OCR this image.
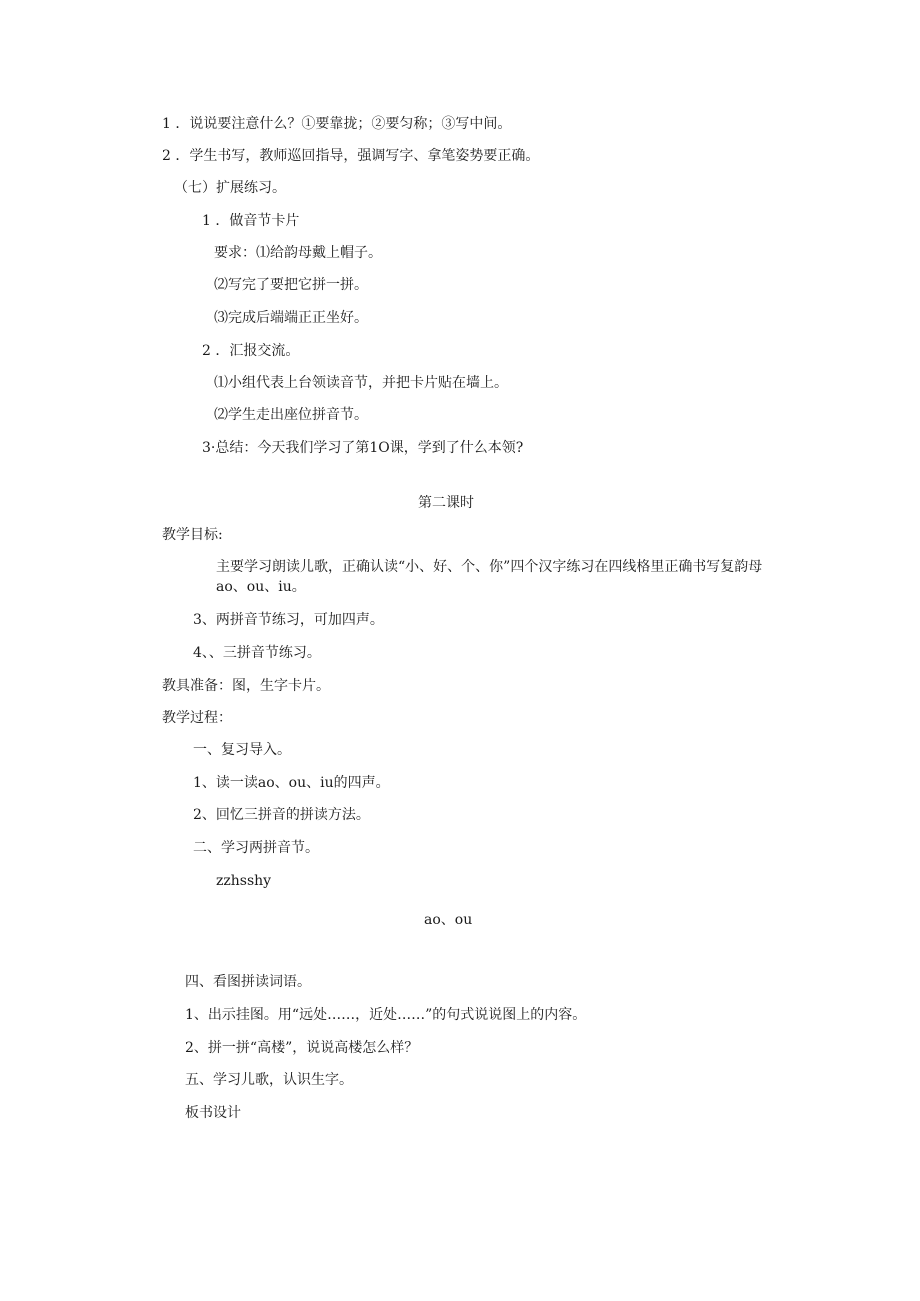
1 ．说说要注意什么？①要靠拢；②要匀称；③写中间。
2 ．学生书写，教师巡回指导，强调写字、拿笔姿势要正确。
（七）扩展练习。
1 ．做音节卡片
要求：⑴给韵母戴上帽子。
⑵写完了要把它拼一拼。
⑶完成后端端正正坐好。
2 ．汇报交流。
⑴小组代表上台领读音节，并把卡片贴在墙上。
⑵学生走出座位拼音节。
3·总结：今天我们学习了第1O课，学到了什么本领?
第二课时
教学目标:
主要学习朗读儿歌，正确认读“小、好、个、你”四个汉字练习在四线格里正确书写复韵母ao、ou、iu。
3、两拼音节练习，可加四声。
4、、三拼音节练习。
教具准备：图，生字卡片。
教学过程：
一、复习导入。
1、读一读ao、ou、iu的四声。
2、回忆三拼音的拼读方法。
二、学习两拼音节。
zzhsshy
ao、ou
四、看图拼读词语。
1、出示挂图。用“远处……，近处……”的句式说说图上的内容。
2、拼一拼“高楼”，说说高楼怎么样？
五、学习儿歌，认识生字。
板书设计
